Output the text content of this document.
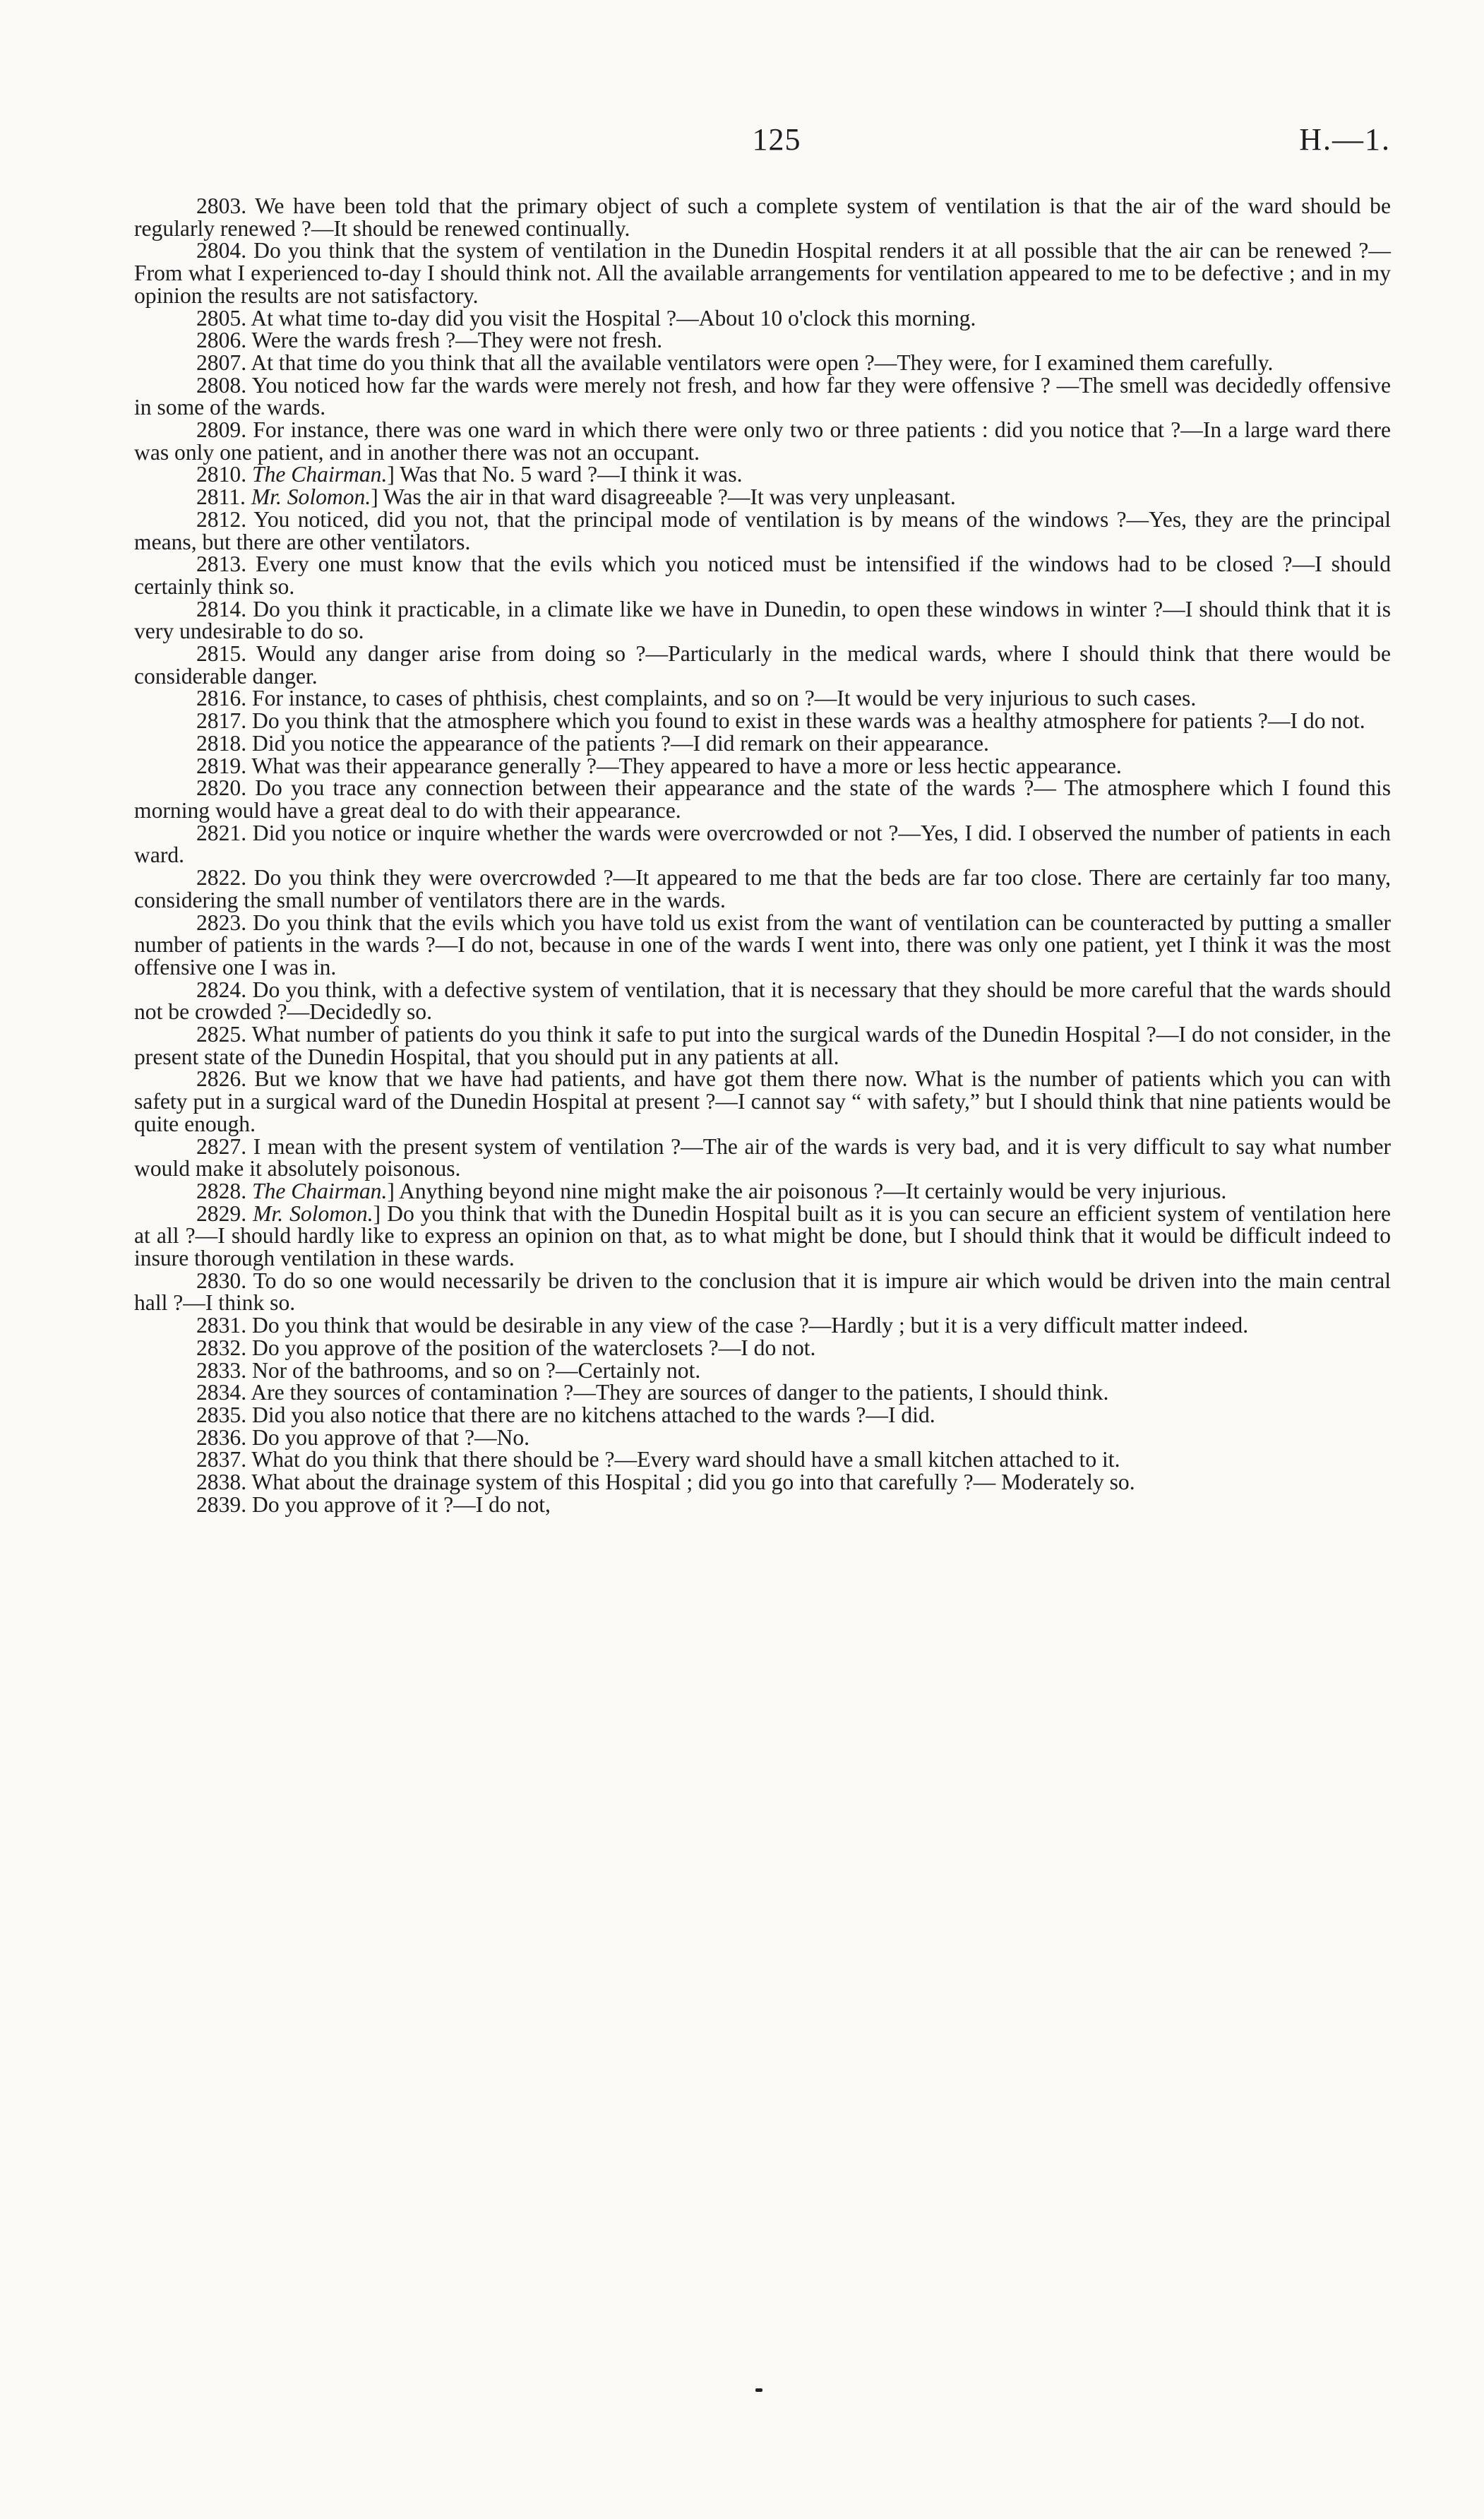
125	H.—1.

2803. We have been told that the primary object of such a complete system of ventilation is that the air of the ward should be regularly renewed ?—It should be renewed continually.

2804. Do you think that the system of ventilation in the Dunedin Hospital renders it at all possible that the air can be renewed ?—From what I experienced to-day I should think not. All the available arrangements for ventilation appeared to me to be defective ; and in my opinion the results are not satisfactory.

2805. At what time to-day did you visit the Hospital ?—About 10 o'clock this morning.

2806. Were the wards fresh ?—They were not fresh.

2807. At that time do you think that all the available ventilators were open ?—They were, for I examined them carefully.

2808. You noticed how far the wards were merely not fresh, and how far they were offensive ? —The smell was decidedly offensive in some of the wards.

2809. For instance, there was one ward in which there were only two or three patients : did you notice that ?—In a large ward there was only one patient, and in another there was not an occupant.

2810. The Chairman.] Was that No. 5 ward ?—I think it was.

2811. Mr. Solomon.] Was the air in that ward disagreeable ?—It was very unpleasant.

2812. You noticed, did you not, that the principal mode of ventilation is by means of the windows ?—Yes, they are the principal means, but there are other ventilators.

2813. Every one must know that the evils which you noticed must be intensified if the windows had to be closed ?—I should certainly think so.

2814. Do you think it practicable, in a climate like we have in Dunedin, to open these windows in winter ?—I should think that it is very undesirable to do so.

2815. Would any danger arise from doing so ?—Particularly in the medical wards, where I should think that there would be considerable danger.

2816. For instance, to cases of phthisis, chest complaints, and so on ?—It would be very injurious to such cases.

2817. Do you think that the atmosphere which you found to exist in these wards was a healthy atmosphere for patients ?—I do not.

2818. Did you notice the appearance of the patients ?—I did remark on their appearance.

2819. What was their appearance generally ?—They appeared to have a more or less hectic appearance.

2820. Do you trace any connection between their appearance and the state of the wards ?— The atmosphere which I found this morning would have a great deal to do with their appearance.

2821. Did you notice or inquire whether the wards were overcrowded or not ?—Yes, I did. I observed the number of patients in each ward.

2822. Do you think they were overcrowded ?—It appeared to me that the beds are far too close. There are certainly far too many, considering the small number of ventilators there are in the wards.

2823. Do you think that the evils which you have told us exist from the want of ventilation can be counteracted by putting a smaller number of patients in the wards ?—I do not, because in one of the wards I went into, there was only one patient, yet I think it was the most offensive one I was in.

2824. Do you think, with a defective system of ventilation, that it is necessary that they should be more careful that the wards should not be crowded ?—Decidedly so.

2825. What number of patients do you think it safe to put into the surgical wards of the Dunedin Hospital ?—I do not consider, in the present state of the Dunedin Hospital, that you should put in any patients at all.

2826. But we know that we have had patients, and have got them there now. What is the number of patients which you can with safety put in a surgical ward of the Dunedin Hospital at present ?—I cannot say “ with safety,” but I should think that nine patients would be quite enough.

2827. I mean with the present system of ventilation ?—The air of the wards is very bad, and it is very difficult to say what number would make it absolutely poisonous.

2828. The Chairman.] Anything beyond nine might make the air poisonous ?—It certainly would be very injurious.

2829. Mr. Solomon.] Do you think that with the Dunedin Hospital built as it is you can secure an efficient system of ventilation here at all ?—I should hardly like to express an opinion on that, as to what might be done, but I should think that it would be difficult indeed to insure thorough ventilation in these wards.

2830. To do so one would necessarily be driven to the conclusion that it is impure air which would be driven into the main central hall ?—I think so.

2831. Do you think that would be desirable in any view of the case ?—Hardly ; but it is a very difficult matter indeed.

2832. Do you approve of the position of the waterclosets ?—I do not.

2833. Nor of the bathrooms, and so on ?—Certainly not.

2834. Are they sources of contamination ?—They are sources of danger to the patients, I should think.

2835. Did you also notice that there are no kitchens attached to the wards ?—I did.

2836. Do you approve of that ?—No.

2837. What do you think that there should be ?—Every ward should have a small kitchen attached to it.

2838. What about the drainage system of this Hospital ; did you go into that carefully ?— Moderately so.

2839. Do you approve of it ?—I do not,
